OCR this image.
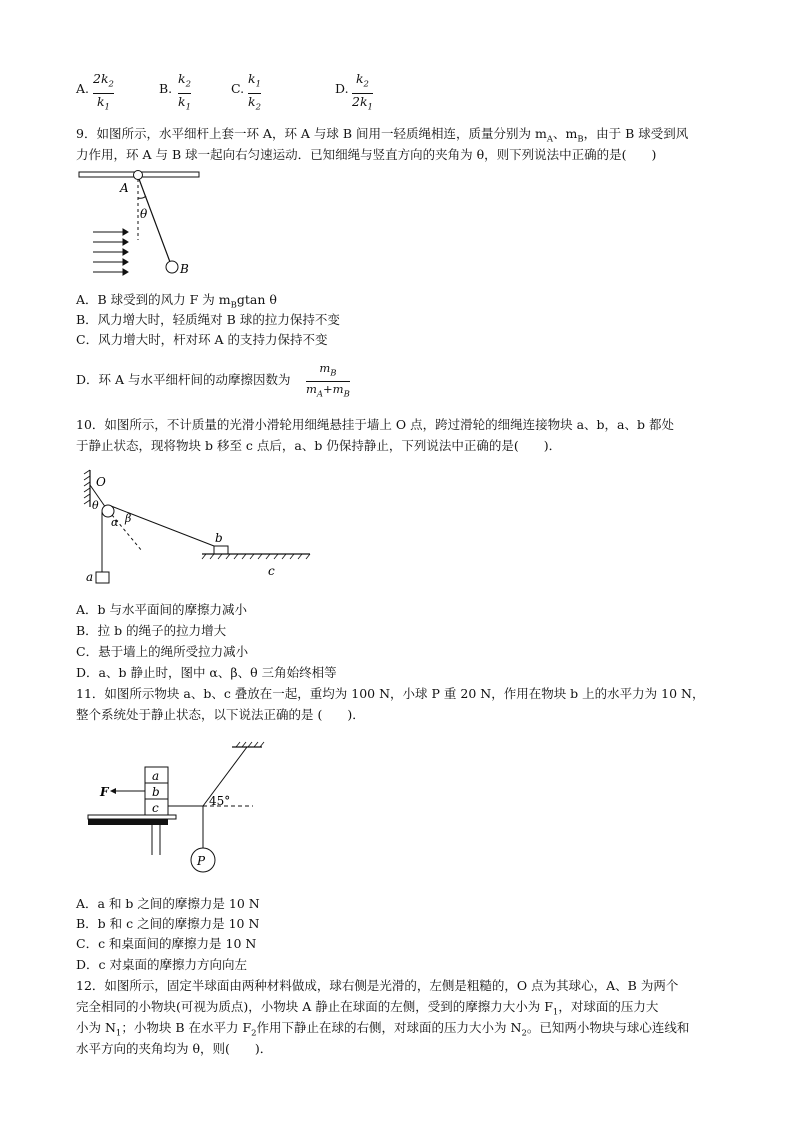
A.
$2k_2$
$k_1$
B.
$k_2$
$k_1$
C.
$k_1$
$k_2$
D.
$k_2$
$2k_1$
9．如图所示，水平细杆上套一环 A，环 A 与球 B 间用一轻质绳相连，质量分别为 $m_A$、$m_B$，由于 B 球受到风
力作用，环 A 与 B 球一起向右匀速运动．已知细绳与竖直方向的夹角为 θ，则下列说法中正确的是(　　)
A
θ
B
A．B 球受到的风力 F 为 $m_Bgtan$ θ
B．风力增大时，轻质绳对 B 球的拉力保持不变
C．风力增大时，杆对环 A 的支持力保持不变
D．环 A 与水平细杆间的动摩擦因数为
$m_B$
$m_A+m_B$
10．如图所示，不计质量的光滑小滑轮用细绳悬挂于墙上 O 点，跨过滑轮的细绳连接物块 a、b，a、b 都处
于静止状态，现将物块 b 移至 c 点后，a、b 仍保持静止，下列说法中正确的是(　　)．
O
θ
α β
a
b
c
A．b 与水平面间的摩擦力减小
B．拉 b 的绳子的拉力增大
C．悬于墙上的绳所受拉力减小
D．a、b 静止时，图中 α、β、θ 三角始终相等
11．如图所示物块 a、b、c 叠放在一起，重均为 100 N，小球 P 重 20 N，作用在物块 b 上的水平力为 10 N，
整个系统处于静止状态，以下说法正确的是 (　　)．
P
45°
a
b
c
F
A．a 和 b 之间的摩擦力是 10 N
B．b 和 c 之间的摩擦力是 10 N
C．c 和桌面间的摩擦力是 10 N
D．c 对桌面的摩擦力方向向左
12．如图所示，固定半球面由两种材料做成，球右侧是光滑的，左侧是粗糙的，O 点为其球心，A、B 为两个
完全相同的小物块(可视为质点)，小物块 A 静止在球面的左侧，受到的摩擦力大小为 $F_1$，对球面的压力大
小为 $N_1$；小物块 B 在水平力 $F_2$作用下静止在球的右侧，对球面的压力大小为 $N_2$。已知两小物块与球心连线和
水平方向的夹角均为 θ，则(　　)．
